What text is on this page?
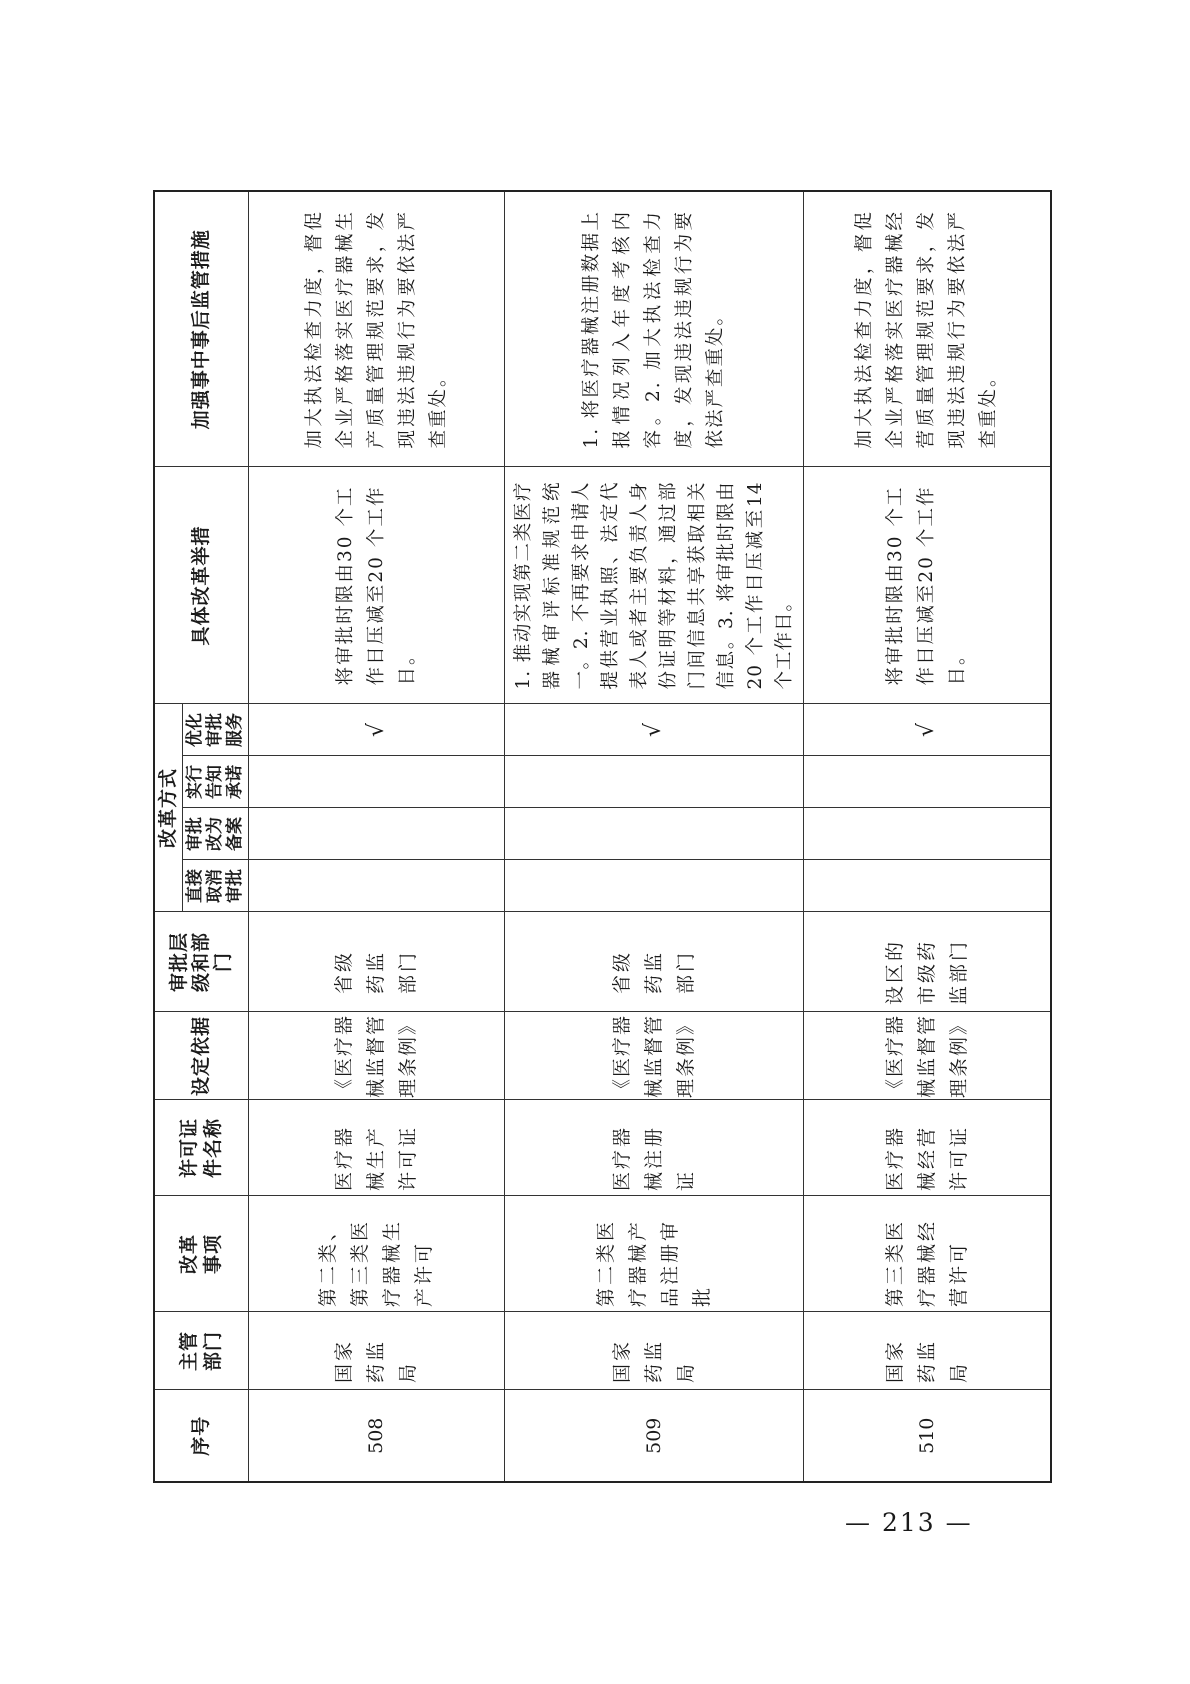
序号	主管部门	改革事项	许可证件名称	设定依据	审批层级和部门	改革方式				具体改革举措	加强事中事后监管措施

						直接取消审批	审批改为备案	实行告知承诺	优化审批服务		

508	国家药监局	第二类、第三类医疗器械生产许可	医疗器械生产许可证	《医疗器械监督管理条例》	省级药监部门				√	将审批时限由30 个工作日压减至20 个工作日。	加大执法检查力度，督促企业严格落实医疗器械生产质量管理规范要求，发现违法违规行为要依法严查重处。

509	国家药监局	第二类医疗器械产品注册审批	医疗器械注册证	《医疗器械监督管理条例》	省级药监部门				√	1. 推动实现第二类医疗器械审评标准规范统一。2. 不再要求申请人提供营业执照、法定代表人或者主要负责人身份证明等材料，通过部门间信息共享获取相关信息。3. 将审批时限由20 个工作日压减至14 个工作日。	1. 将医疗器械注册数据上报情况列入年度考核内容。2. 加大执法检查力度，发现违法违规行为要依法严查重处。

510	国家药监局	第三类医疗器械经营许可	医疗器械经营许可证	《医疗器械监督管理条例》	设区的市级药监部门				√	将审批时限由30 个工作日压减至20 个工作日。	加大执法检查力度，督促企业严格落实医疗器械经营质量管理规范要求，发现违法违规行为要依法严查重处。
— 213 —
